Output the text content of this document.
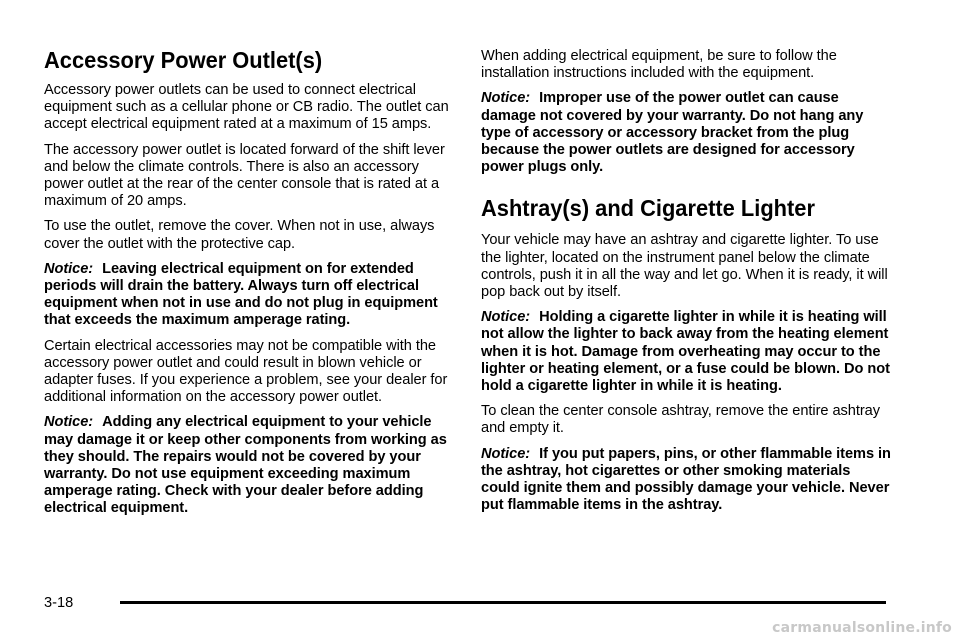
Accessory Power Outlet(s)

Accessory power outlets can be used to connect electrical equipment such as a cellular phone or CB radio. The outlet can accept electrical equipment rated at a maximum of 15 amps.

The accessory power outlet is located forward of the shift lever and below the climate controls. There is also an accessory power outlet at the rear of the center console that is rated at a maximum of 20 amps.

To use the outlet, remove the cover. When not in use, always cover the outlet with the protective cap.

Notice: Leaving electrical equipment on for extended periods will drain the battery. Always turn off electrical equipment when not in use and do not plug in equipment that exceeds the maximum amperage rating.

Certain electrical accessories may not be compatible with the accessory power outlet and could result in blown vehicle or adapter fuses. If you experience a problem, see your dealer for additional information on the accessory power outlet.

Notice: Adding any electrical equipment to your vehicle may damage it or keep other components from working as they should. The repairs would not be covered by your warranty. Do not use equipment exceeding maximum amperage rating. Check with your dealer before adding electrical equipment.

When adding electrical equipment, be sure to follow the installation instructions included with the equipment.

Notice: Improper use of the power outlet can cause damage not covered by your warranty. Do not hang any type of accessory or accessory bracket from the plug because the power outlets are designed for accessory power plugs only.

Ashtray(s) and Cigarette Lighter

Your vehicle may have an ashtray and cigarette lighter. To use the lighter, located on the instrument panel below the climate controls, push it in all the way and let go. When it is ready, it will pop back out by itself.

Notice: Holding a cigarette lighter in while it is heating will not allow the lighter to back away from the heating element when it is hot. Damage from overheating may occur to the lighter or heating element, or a fuse could be blown. Do not hold a cigarette lighter in while it is heating.

To clean the center console ashtray, remove the entire ashtray and empty it.

Notice: If you put papers, pins, or other flammable items in the ashtray, hot cigarettes or other smoking materials could ignite them and possibly damage your vehicle. Never put flammable items in the ashtray.

3-18
carmanualsonline.info
